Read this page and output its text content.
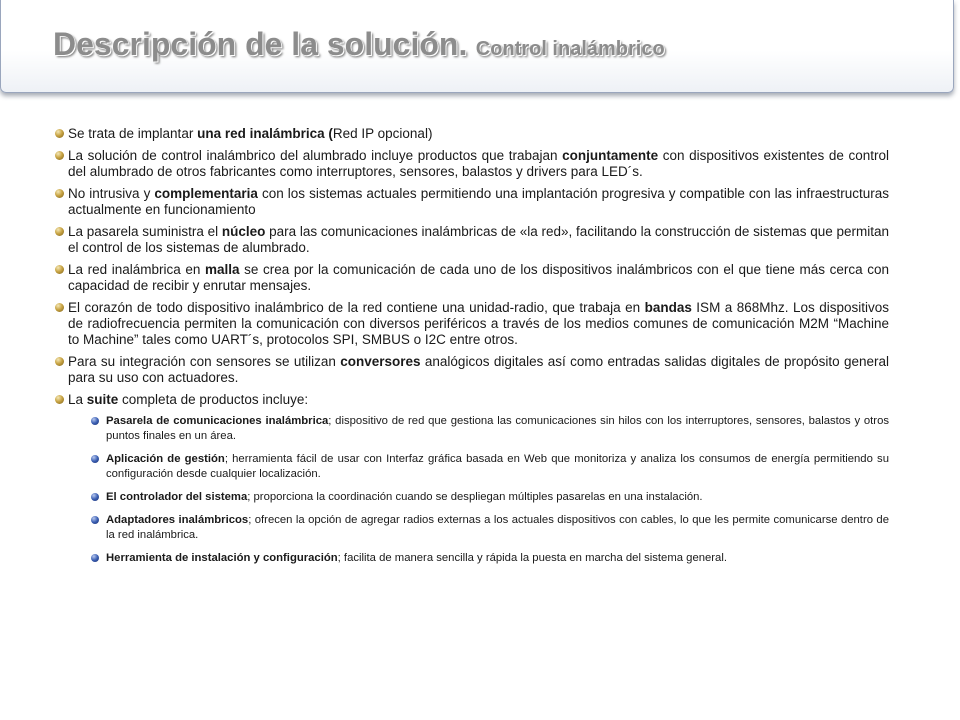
Descripción de la solución. Control inalámbrico
Se trata de implantar una red inalámbrica (Red IP opcional)
La solución de control inalámbrico del alumbrado incluye productos que trabajan conjuntamente con dispositivos existentes de control del alumbrado de otros fabricantes como interruptores, sensores, balastos y drivers para LED´s.
No intrusiva y complementaria con los sistemas actuales permitiendo una implantación progresiva y compatible con las infraestructuras actualmente en funcionamiento
La pasarela suministra el núcleo para las comunicaciones inalámbricas de «la red», facilitando la construcción de sistemas que permitan el control de los sistemas de alumbrado.
La red inalámbrica en malla se crea por la comunicación de cada uno de los dispositivos inalámbricos con el que tiene más cerca con capacidad de recibir y enrutar mensajes.
El corazón de todo dispositivo inalámbrico de la red contiene una unidad-radio, que trabaja en bandas ISM a 868Mhz. Los dispositivos de radiofrecuencia permiten la comunicación con diversos periféricos a través de los medios comunes de comunicación M2M “Machine to Machine” tales como UART´s, protocolos SPI, SMBUS o I2C entre otros.
Para su integración con sensores se utilizan conversores analógicos digitales así como entradas salidas digitales de propósito general para su uso con actuadores.
La suite completa de productos incluye:
Pasarela de comunicaciones inalámbrica; dispositivo de red que gestiona las comunicaciones sin hilos con los interruptores, sensores, balastos y otros puntos finales en un área.
Aplicación de gestión; herramienta fácil de usar con Interfaz gráfica basada en Web que monitoriza y analiza los consumos de energía permitiendo su configuración desde cualquier localización.
El controlador del sistema; proporciona la coordinación cuando se despliegan múltiples pasarelas en una instalación.
Adaptadores inalámbricos; ofrecen la opción de agregar radios externas a los actuales dispositivos con cables, lo que les permite comunicarse dentro de la red inalámbrica.
Herramienta de instalación y configuración; facilita de manera sencilla y rápida la puesta en marcha del sistema general.
